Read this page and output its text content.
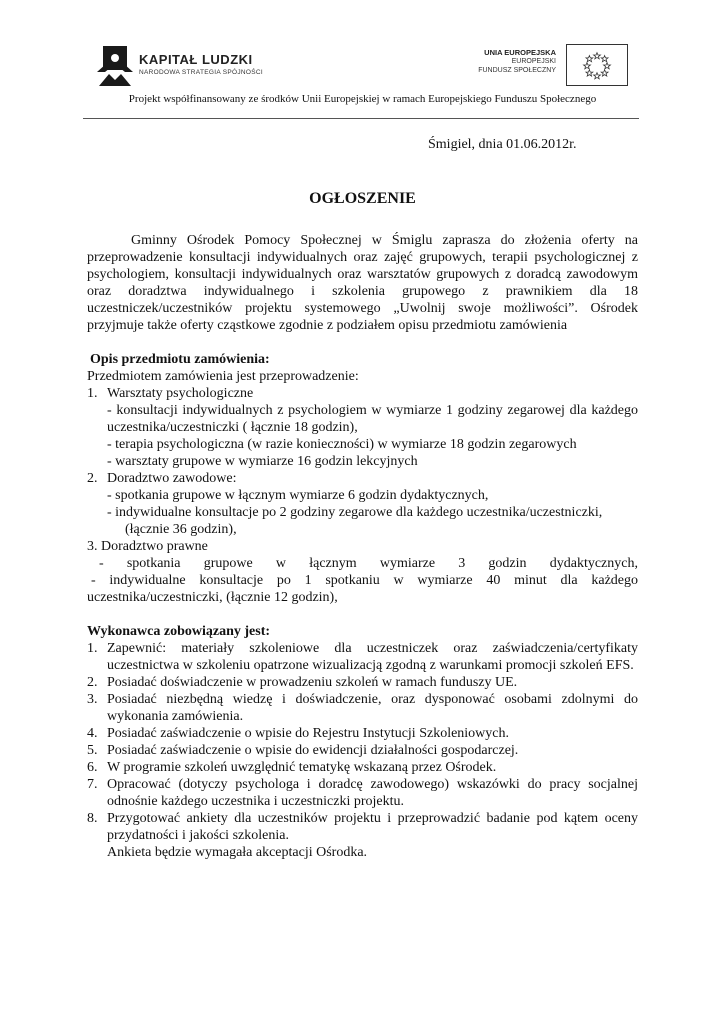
KAPITAŁ LUDZKI
NARODOWA STRATEGIA SPÓJNOŚCI
UNIA EUROPEJSKA
EUROPEJSKI
FUNDUSZ SPOŁECZNY
Projekt współfinansowany ze środków Unii Europejskiej w ramach Europejskiego Funduszu Społecznego
Śmigiel, dnia 01.06.2012r.
OGŁOSZENIE

Gminny Ośrodek Pomocy Społecznej w Śmiglu zaprasza do złożenia oferty na przeprowadzenie konsultacji indywidualnych oraz zajęć grupowych, terapii psychologicznej z psychologiem, konsultacji indywidualnych oraz warsztatów grupowych z doradcą zawodowym oraz doradztwa indywidualnego i szkolenia grupowego z prawnikiem dla 18 uczestniczek/uczestników projektu systemowego „Uwolnij swoje możliwości”. Ośrodek przyjmuje także oferty cząstkowe zgodnie z podziałem opisu przedmiotu zamówienia

Opis przedmiotu zamówienia:
Przedmiotem zamówienia jest przeprowadzenie:
1. Warsztaty psychologiczne
- konsultacji indywidualnych z psychologiem w wymiarze 1 godziny zegarowej dla każdego uczestnika/uczestniczki ( łącznie 18 godzin),
- terapia psychologiczna (w razie konieczności) w wymiarze 18 godzin zegarowych
- warsztaty grupowe w wymiarze 16 godzin lekcyjnych
2. Doradztwo zawodowe:
- spotkania grupowe w łącznym wymiarze 6 godzin dydaktycznych,
- indywidualne konsultacje po 2 godziny zegarowe dla każdego uczestnika/uczestniczki,
(łącznie 36 godzin),
3. Doradztwo prawne
- spotkania grupowe w łącznym wymiarze 3 godzin dydaktycznych,
- indywidualne konsultacje po 1 spotkaniu w wymiarze 40 minut dla każdego uczestnika/uczestniczki, (łącznie 12 godzin),
Wykonawca zobowiązany jest:
1. Zapewnić: materiały szkoleniowe dla uczestniczek oraz zaświadczenia/certyfikaty uczestnictwa w szkoleniu opatrzone wizualizacją zgodną z warunkami promocji szkoleń EFS.
2. Posiadać doświadczenie w prowadzeniu szkoleń w ramach funduszy UE.
3. Posiadać niezbędną wiedzę i doświadczenie, oraz dysponować osobami zdolnymi do wykonania zamówienia.
4. Posiadać zaświadczenie o wpisie do Rejestru Instytucji Szkoleniowych.
5. Posiadać zaświadczenie o wpisie do ewidencji działalności gospodarczej.
6. W programie szkoleń uwzględnić tematykę wskazaną przez Ośrodek.
7. Opracować (dotyczy psychologa i doradcę zawodowego) wskazówki do pracy socjalnej odnośnie każdego uczestnika i uczestniczki projektu.
8. Przygotować ankiety dla uczestników projektu i przeprowadzić badanie pod kątem oceny przydatności i jakości szkolenia.
Ankieta będzie wymagała akceptacji Ośrodka.
